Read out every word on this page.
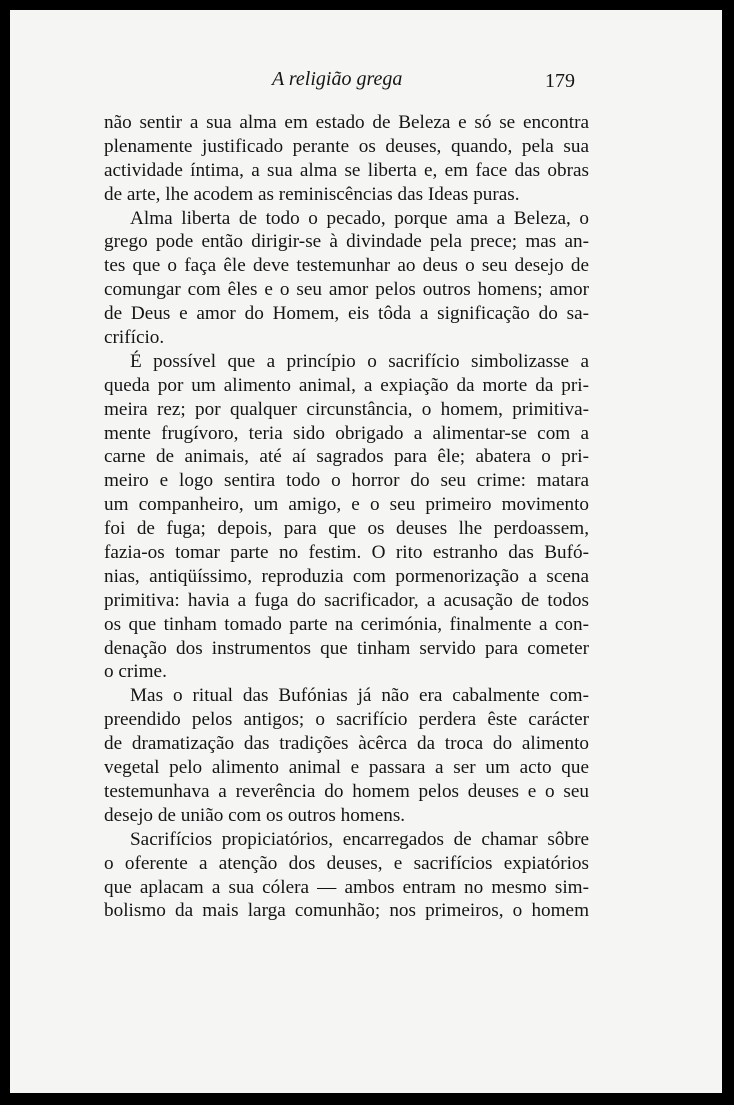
A religião grega	179
não sentir a sua alma em estado de Beleza e só se encontra
plenamente justificado perante os deuses, quando, pela sua
actividade íntima, a sua alma se liberta e, em face das obras
de arte, lhe acodem as reminiscências das Ideas puras.
Alma liberta de todo o pecado, porque ama a Beleza, o
grego pode então dirigir-se à divindade pela prece; mas an-
tes que o faça êle deve testemunhar ao deus o seu desejo de
comungar com êles e o seu amor pelos outros homens; amor
de Deus e amor do Homem, eis tôda a significação do sa-
crifício.
É possível que a princípio o sacrifício simbolizasse a
queda por um alimento animal, a expiação da morte da pri-
meira rez; por qualquer circunstância, o homem, primitiva-
mente frugívoro, teria sido obrigado a alimentar-se com a
carne de animais, até aí sagrados para êle; abatera o pri-
meiro e logo sentira todo o horror do seu crime: matara
um companheiro, um amigo, e o seu primeiro movimento
foi de fuga; depois, para que os deuses lhe perdoassem,
fazia-os tomar parte no festim. O rito estranho das Bufó-
nias, antiqüíssimo, reproduzia com pormenorização a scena
primitiva: havia a fuga do sacrificador, a acusação de todos
os que tinham tomado parte na cerimónia, finalmente a con-
denação dos instrumentos que tinham servido para cometer
o crime.
Mas o ritual das Bufónias já não era cabalmente com-
preendido pelos antigos; o sacrifício perdera êste carácter
de dramatização das tradições àcêrca da troca do alimento
vegetal pelo alimento animal e passara a ser um acto que
testemunhava a reverência do homem pelos deuses e o seu
desejo de união com os outros homens.
Sacrifícios propiciatórios, encarregados de chamar sôbre
o oferente a atenção dos deuses, e sacrifícios expiatórios
que aplacam a sua cólera — ambos entram no mesmo sim-
bolismo da mais larga comunhão; nos primeiros, o homem
